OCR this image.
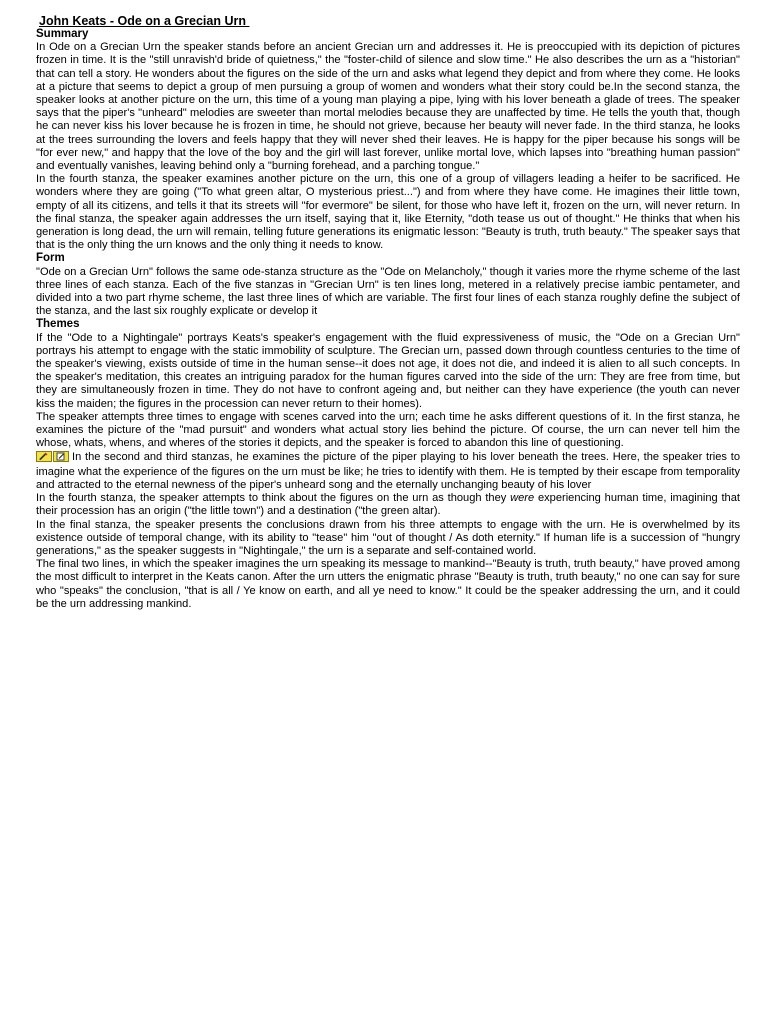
John Keats - Ode on a Grecian Urn
Summary

In Ode on a Grecian Urn the speaker stands before an ancient Grecian urn and addresses it. He is preoccupied with its depiction of pictures frozen in time. It is the "still unravish'd bride of quietness," the "foster-child of silence and slow time." He also describes the urn as a "historian" that can tell a story. He wonders about the figures on the side of the urn and asks what legend they depict and from where they come. He looks at a picture that seems to depict a group of men pursuing a group of women and wonders what their story could be.In the second stanza, the speaker looks at another picture on the urn, this time of a young man playing a pipe, lying with his lover beneath a glade of trees. The speaker says that the piper's "unheard" melodies are sweeter than mortal melodies because they are unaffected by time. He tells the youth that, though he can never kiss his lover because he is frozen in time, he should not grieve, because her beauty will never fade. In the third stanza, he looks at the trees surrounding the lovers and feels happy that they will never shed their leaves. He is happy for the piper because his songs will be "for ever new," and happy that the love of the boy and the girl will last forever, unlike mortal love, which lapses into "breathing human passion" and eventually vanishes, leaving behind only a "burning forehead, and a parching tongue."

In the fourth stanza, the speaker examines another picture on the urn, this one of a group of villagers leading a heifer to be sacrificed. He wonders where they are going ("To what green altar, O mysterious priest...") and from where they have come. He imagines their little town, empty of all its citizens, and tells it that its streets will "for evermore" be silent, for those who have left it, frozen on the urn, will never return. In the final stanza, the speaker again addresses the urn itself, saying that it, like Eternity, "doth tease us out of thought." He thinks that when his generation is long dead, the urn will remain, telling future generations its enigmatic lesson: "Beauty is truth, truth beauty." The speaker says that that is the only thing the urn knows and the only thing it needs to know.

Form

"Ode on a Grecian Urn" follows the same ode-stanza structure as the "Ode on Melancholy," though it varies more the rhyme scheme of the last three lines of each stanza. Each of the five stanzas in "Grecian Urn" is ten lines long, metered in a relatively precise iambic pentameter, and divided into a two part rhyme scheme, the last three lines of which are variable. The first four lines of each stanza roughly define the subject of the stanza, and the last six roughly explicate or develop it

Themes

If the "Ode to a Nightingale" portrays Keats's speaker's engagement with the fluid expressiveness of music, the "Ode on a Grecian Urn" portrays his attempt to engage with the static immobility of sculpture. The Grecian urn, passed down through countless centuries to the time of the speaker's viewing, exists outside of time in the human sense--it does not age, it does not die, and indeed it is alien to all such concepts. In the speaker's meditation, this creates an intriguing paradox for the human figures carved into the side of the urn: They are free from time, but they are simultaneously frozen in time. They do not have to confront ageing and, but neither can they have experience (the youth can never kiss the maiden; the figures in the procession can never return to their homes).

The speaker attempts three times to engage with scenes carved into the urn; each time he asks different questions of it. In the first stanza, he examines the picture of the "mad pursuit" and wonders what actual story lies behind the picture. Of course, the urn can never tell him the whose, whats, whens, and wheres of the stories it depicts, and the speaker is forced to abandon this line of questioning.

In the second and third stanzas, he examines the picture of the piper playing to his lover beneath the trees. Here, the speaker tries to imagine what the experience of the figures on the urn must be like; he tries to identify with them. He is tempted by their escape from temporality and attracted to the eternal newness of the piper's unheard song and the eternally unchanging beauty of his lover

In the fourth stanza, the speaker attempts to think about the figures on the urn as though they were experiencing human time, imagining that their procession has an origin ("the little town") and a destination ("the green altar).

In the final stanza, the speaker presents the conclusions drawn from his three attempts to engage with the urn. He is overwhelmed by its existence outside of temporal change, with its ability to "tease" him "out of thought / As doth eternity." If human life is a succession of "hungry generations," as the speaker suggests in "Nightingale," the urn is a separate and self-contained world.

The final two lines, in which the speaker imagines the urn speaking its message to mankind--"Beauty is truth, truth beauty," have proved among the most difficult to interpret in the Keats canon. After the urn utters the enigmatic phrase "Beauty is truth, truth beauty," no one can say for sure who "speaks" the conclusion, "that is all / Ye know on earth, and all ye need to know." It could be the speaker addressing the urn, and it could be the urn addressing mankind.
